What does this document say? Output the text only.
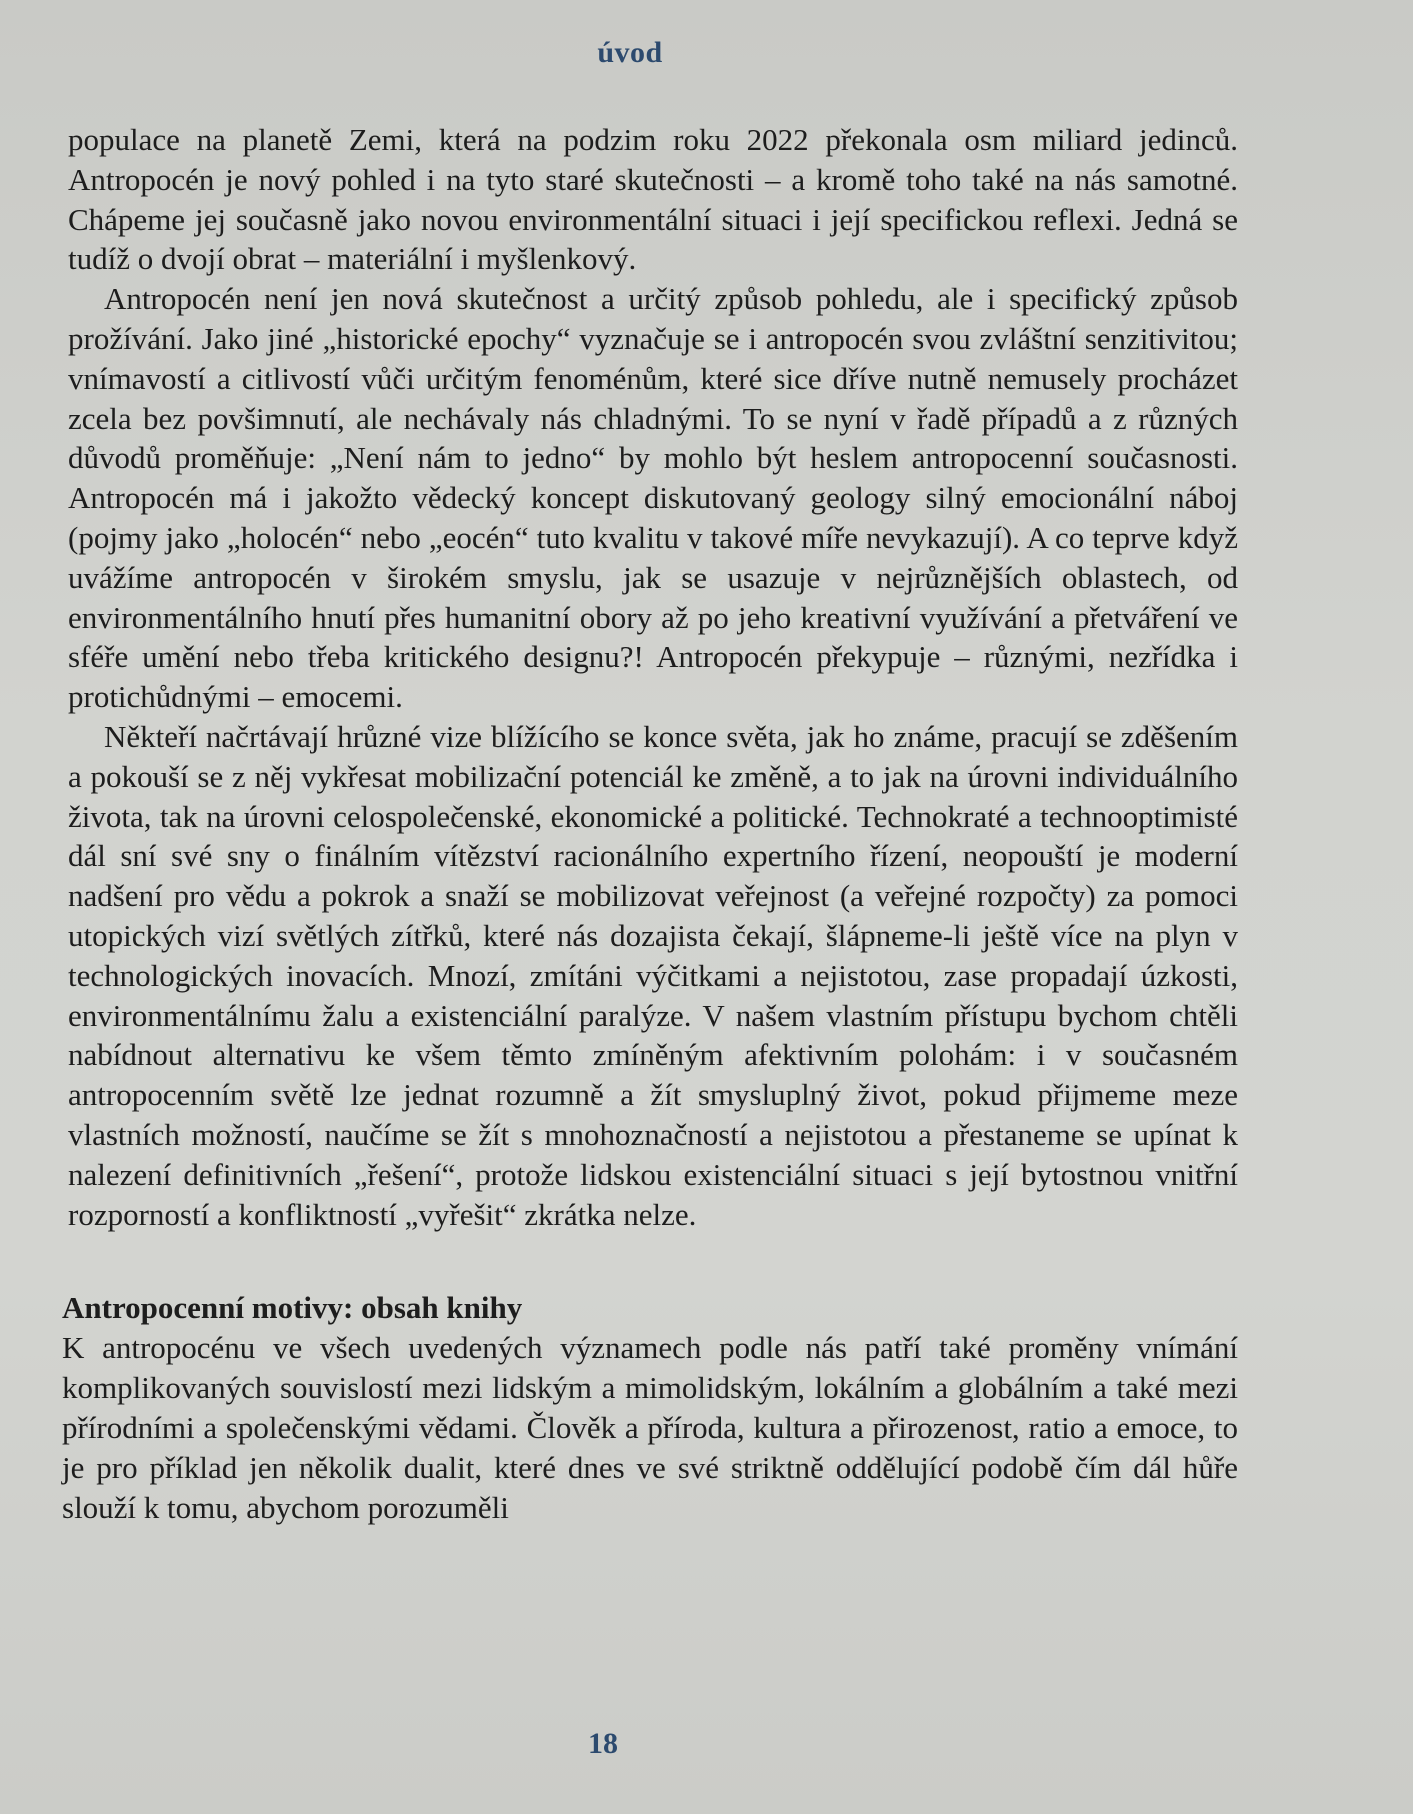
úvod

populace na planetě Zemi, která na podzim roku 2022 překonala osm miliard jedinců. Antropocén je nový pohled i na tyto staré skutečnosti – a kromě toho také na nás samotné. Chápeme jej současně jako novou environmentální situaci i její specifickou reflexi. Jedná se tudíž o dvojí obrat – materiální i myšlenkový.

Antropocén není jen nová skutečnost a určitý způsob pohledu, ale i specifický způsob prožívání. Jako jiné „historické epochy“ vyznačuje se i antropocén svou zvláštní senzitivitou; vnímavostí a citlivostí vůči určitým fenoménům, které sice dříve nutně nemusely procházet zcela bez povšimnutí, ale nechávaly nás chladnými. To se nyní v řadě případů a z různých důvodů proměňuje: „Není nám to jedno“ by mohlo být heslem antropocenní současnosti. Antropocén má i jakožto vědecký koncept diskutovaný geology silný emocionální náboj (pojmy jako „holocén“ nebo „eocén“ tuto kvalitu v takové míře nevykazují). A co teprve když uvážíme antropocén v širokém smyslu, jak se usazuje v nejrůznějších oblastech, od environmentálního hnutí přes humanitní obory až po jeho kreativní využívání a přetváření ve sféře umění nebo třeba kritického designu?! Antropocén překypuje – různými, nezřídka i protichůdnými – emocemi.

Někteří načrtávají hrůzné vize blížícího se konce světa, jak ho známe, pracují se zděšením a pokouší se z něj vykřesat mobilizační potenciál ke změně, a to jak na úrovni individuálního života, tak na úrovni celospolečenské, ekonomické a politické. Technokraté a technooptimisté dál sní své sny o finálním vítězství racionálního expertního řízení, neopouští je moderní nadšení pro vědu a pokrok a snaží se mobilizovat veřejnost (a veřejné rozpočty) za pomoci utopických vizí světlých zítřků, které nás dozajista čekají, šlápneme-li ještě více na plyn v technologických inovacích. Mnozí, zmítáni výčitkami a nejistotou, zase propadají úzkosti, environmentálnímu žalu a existenciální paralýze. V našem vlastním přístupu bychom chtěli nabídnout alternativu ke všem těmto zmíněným afektivním polohám: i v současném antropocenním světě lze jednat rozumně a žít smysluplný život, pokud přijmeme meze vlastních možností, naučíme se žít s mnohoznačností a nejistotou a přestaneme se upínat k nalezení definitivních „řešení“, protože lidskou existenciální situaci s její bytostnou vnitřní rozporností a konfliktností „vyřešit“ zkrátka nelze.

Antropocenní motivy: obsah knihy

K antropocénu ve všech uvedených významech podle nás patří také proměny vnímání komplikovaných souvislostí mezi lidským a mimolidským, lokálním a globálním a také mezi přírodními a společenskými vědami. Člověk a příroda, kultura a přirozenost, ratio a emoce, to je pro příklad jen několik dualit, které dnes ve své striktně oddělující podobě čím dál hůře slouží k tomu, abychom porozuměli

18
